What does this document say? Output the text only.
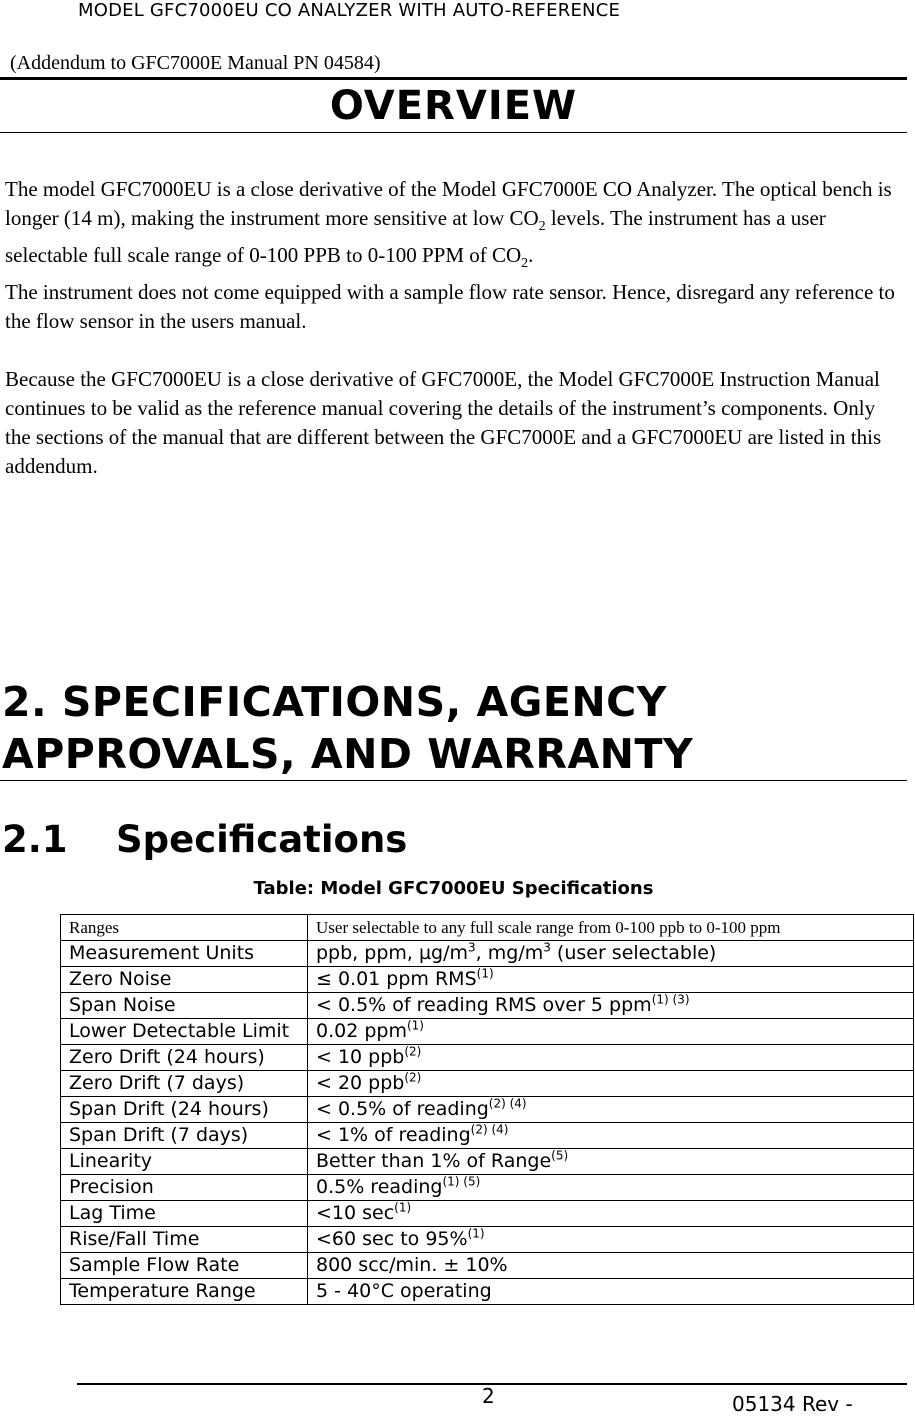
MODEL GFC7000EU CO ANALYZER WITH AUTO-REFERENCE
(Addendum to GFC7000E Manual PN 04584)
OVERVIEW

The model GFC7000EU is a close derivative of the Model GFC7000E CO Analyzer. The optical bench is longer (14 m), making the instrument more sensitive at low $CO_2$ levels. The instrument has a user selectable full scale range of 0-100 PPB to 0-100 PPM of $CO_2$.

The instrument does not come equipped with a sample flow rate sensor. Hence, disregard any reference to the flow sensor in the users manual.

Because the GFC7000EU is a close derivative of GFC7000E, the Model GFC7000E Instruction Manual continues to be valid as the reference manual covering the details of the instrument’s components. Only the sections of the manual that are different between the GFC7000E and a GFC7000EU are listed in this addendum.

2. SPECIFICATIONS, AGENCY
APPROVALS, AND WARRANTY
2.1 Specifications
Table: Model GFC7000EU Specifications
Ranges	User selectable to any full scale range from 0-100 ppb to 0-100 ppm
Measurement Units	ppb, ppm, $\mu g/m^3$, $mg/m^3$ (user selectable)
Zero Noise	≤ 0.01 ppm RMS$^{(1)}$
Span Noise	< 0.5% of reading RMS over 5 ppm$^{(1) (3)}$
Lower Detectable Limit	0.02 ppm$^{(1)}$
Zero Drift (24 hours)	< 10 ppb$^{(2)}$
Zero Drift (7 days)	< 20 ppb$^{(2)}$
Span Drift (24 hours)	< 0.5% of reading$^{(2) (4)}$
Span Drift (7 days)	< 1% of reading$^{(2) (4)}$
Linearity	Better than 1% of Range$^{(5)}$
Precision	0.5% reading$^{(1) (5)}$
Lag Time	<10 $\sec^{(1)}$
Rise/Fall Time	<60 sec to 95%$^{(1)}$
Sample Flow Rate	800 scc/min. ± 10%
Temperature Range	5 - 40°C operating
2	05134 Rev -
